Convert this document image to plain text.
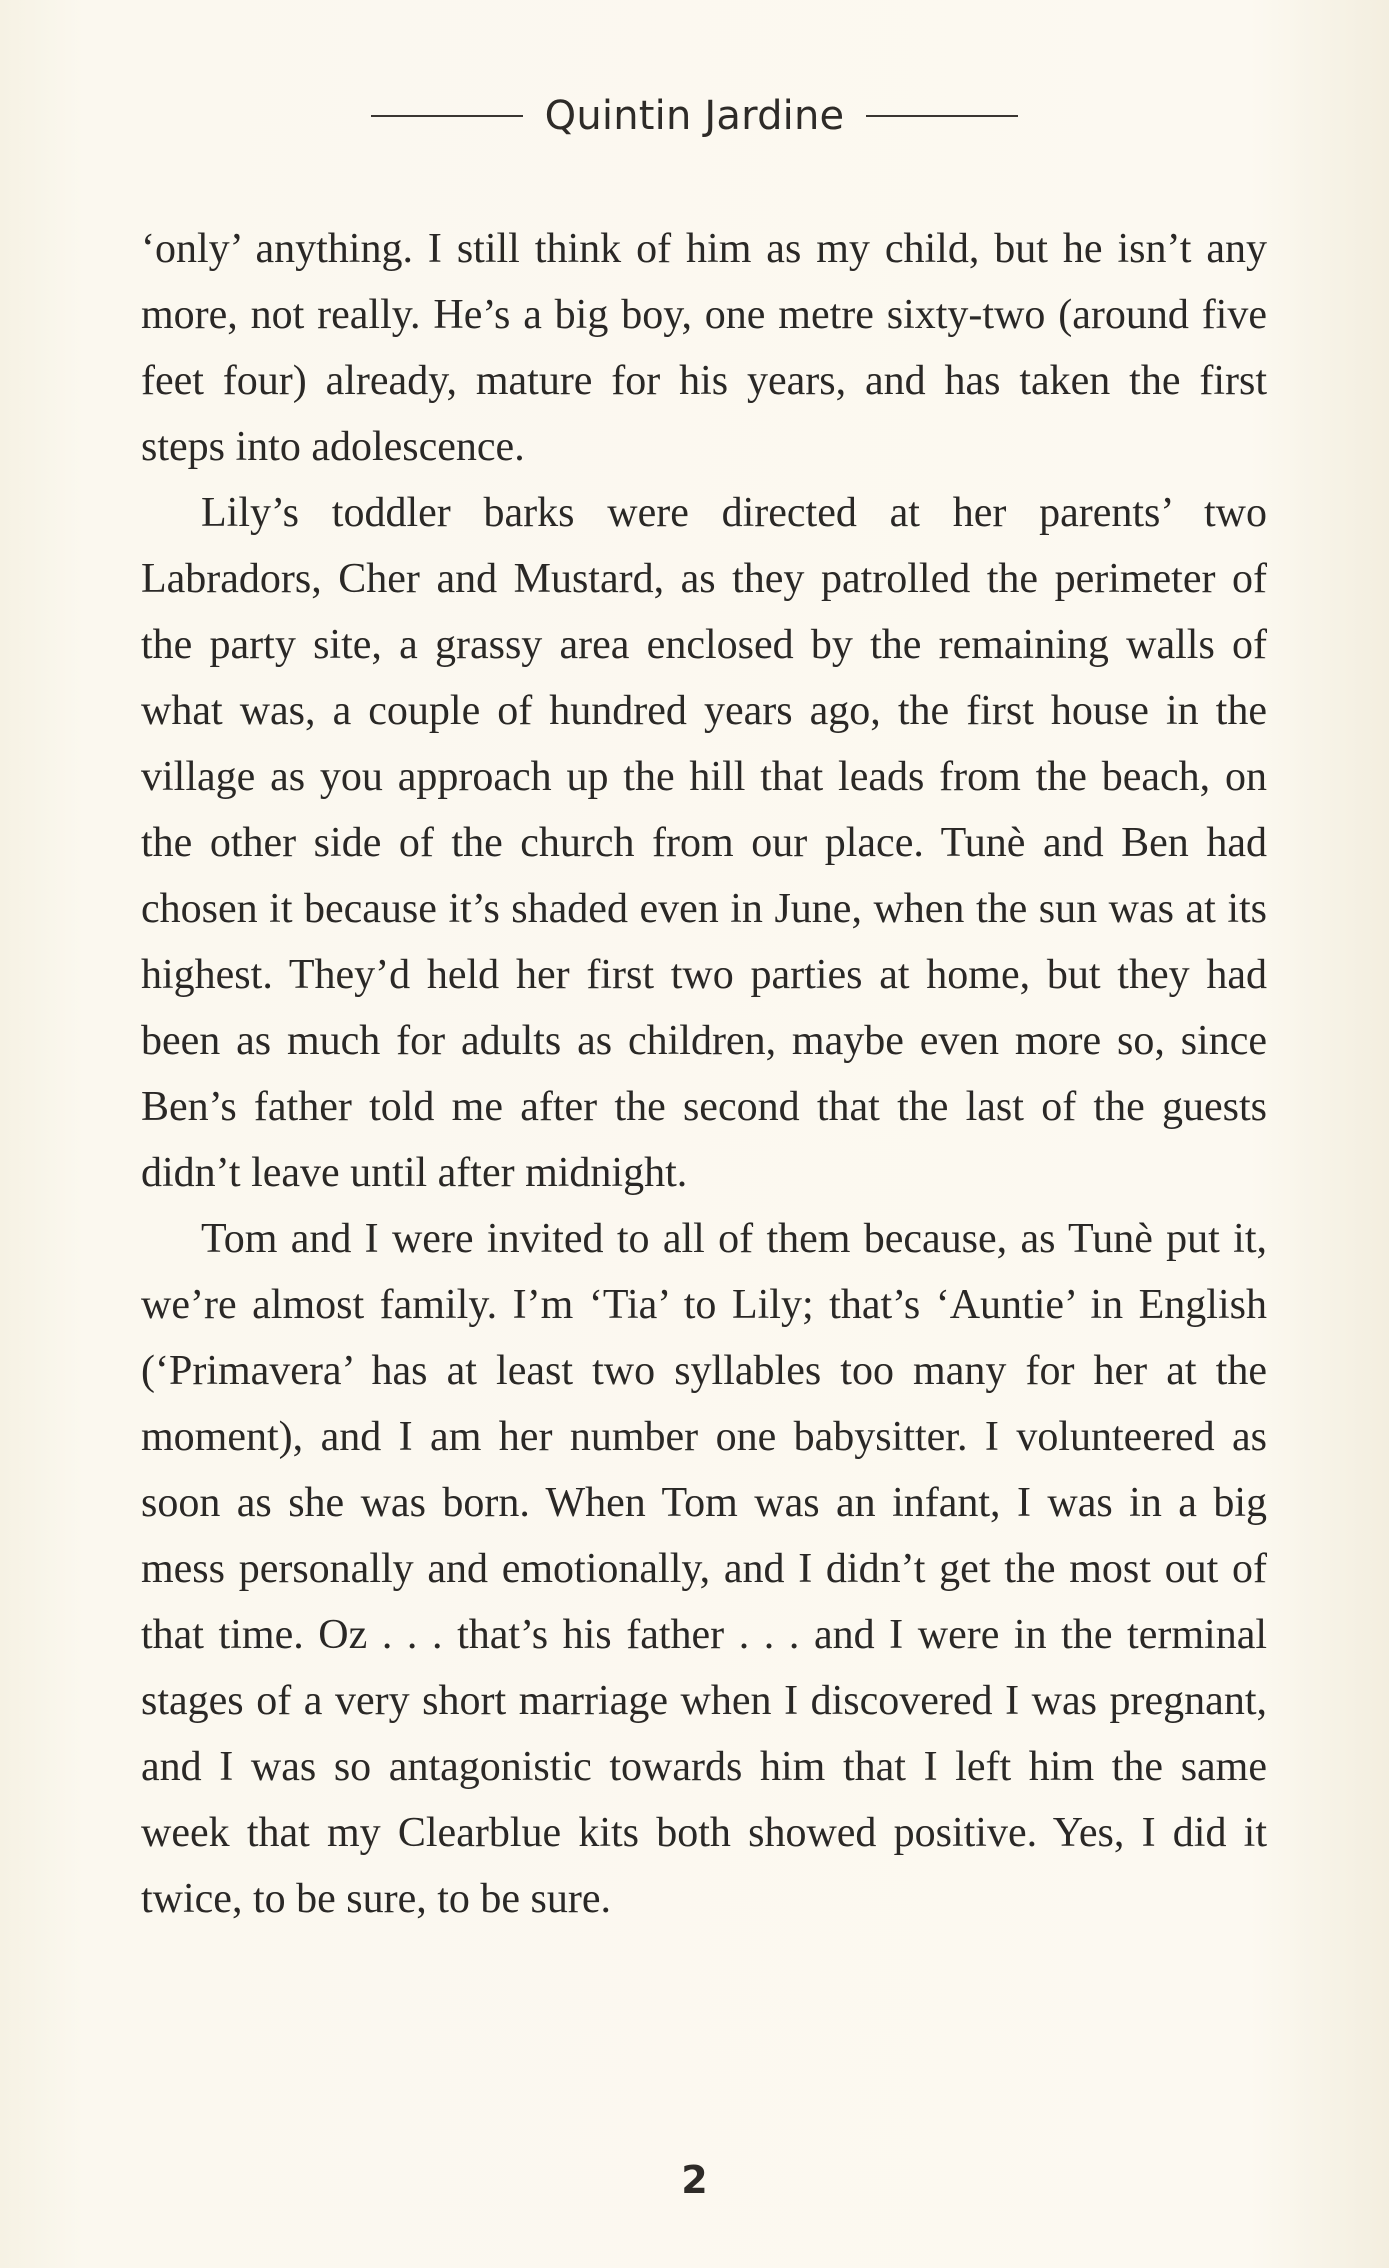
Quintin Jardine

‘only’ anything. I still think of him as my child, but he isn’t any more, not really. He’s a big boy, one metre sixty-two (around five feet four) already, mature for his years, and has taken the first steps into adolescence.

Lily’s toddler barks were directed at her parents’ two Labradors, Cher and Mustard, as they patrolled the perimeter of the party site, a grassy area enclosed by the remaining walls of what was, a couple of hundred years ago, the first house in the village as you approach up the hill that leads from the beach, on the other side of the church from our place. Tunè and Ben had chosen it because it’s shaded even in June, when the sun was at its highest. They’d held her first two parties at home, but they had been as much for adults as children, maybe even more so, since Ben’s father told me after the second that the last of the guests didn’t leave until after midnight.

Tom and I were invited to all of them because, as Tunè put it, we’re almost family. I’m ‘Tia’ to Lily; that’s ‘Auntie’ in English (‘Primavera’ has at least two syllables too many for her at the moment), and I am her number one babysitter. I volunteered as soon as she was born. When Tom was an infant, I was in a big mess personally and emotionally, and I didn’t get the most out of that time. Oz . . . that’s his father . . . and I were in the terminal stages of a very short marriage when I discovered I was pregnant, and I was so antagonistic towards him that I left him the same week that my Clearblue kits both showed positive. Yes, I did it twice, to be sure, to be sure.

2
